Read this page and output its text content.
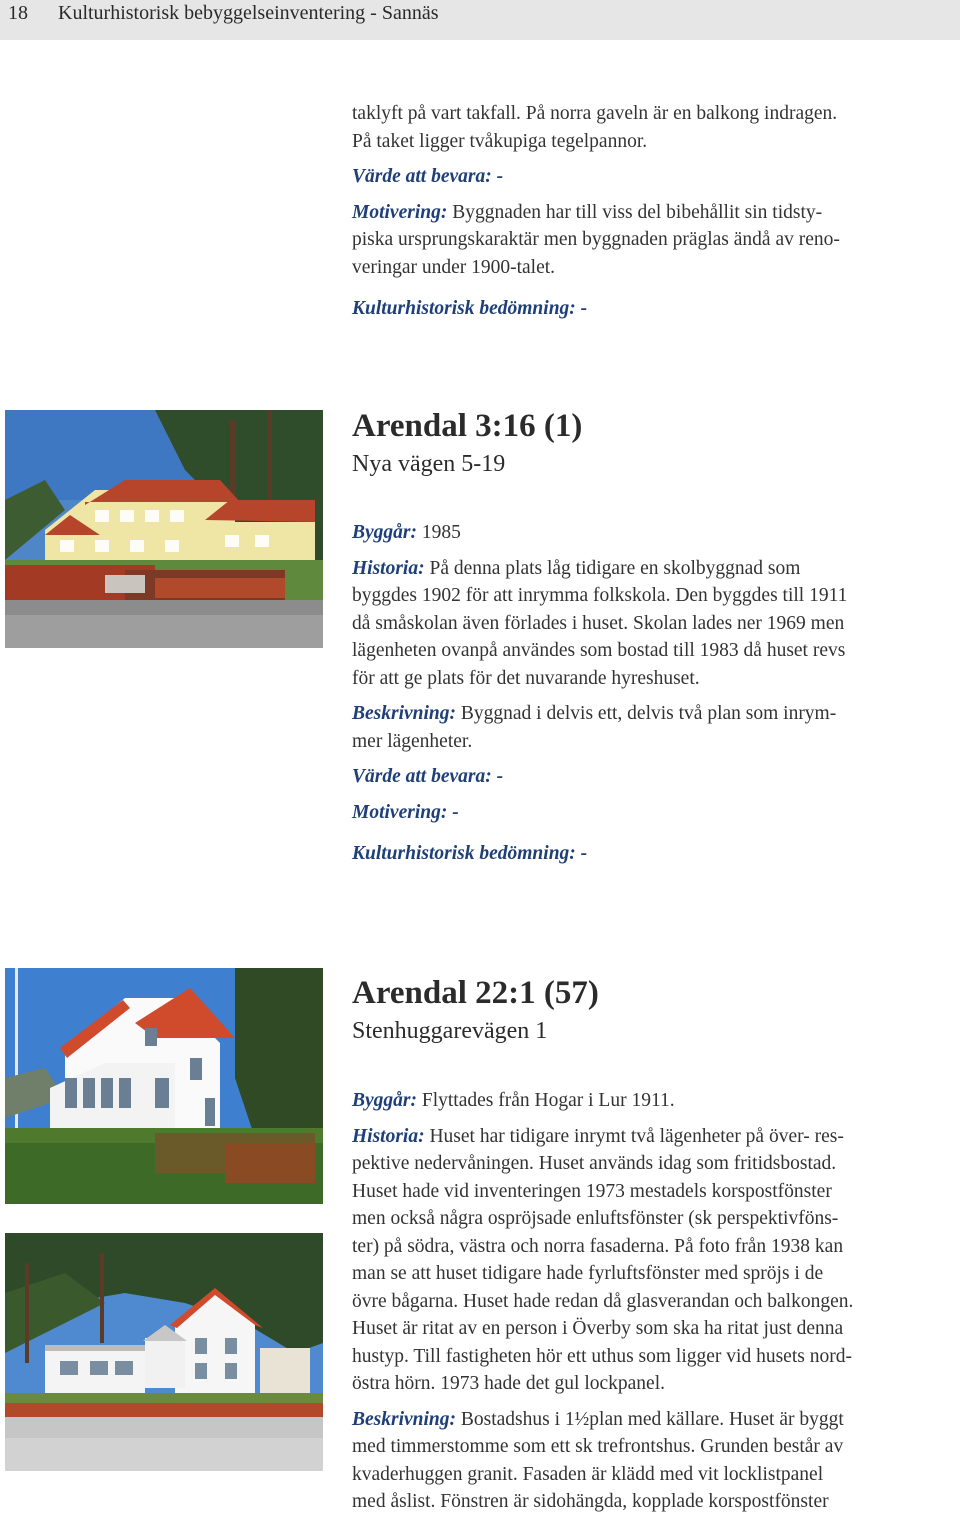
18 Kulturhistorisk bebyggelseinventering - Sannäs

taklyft på vart takfall. På norra gaveln är en balkong indragen.

På taket ligger tvåkupiga tegelpannor.

Värde att bevara: -

Motivering: Byggnaden har till viss del bibehållit sin tidsty-

piska ursprungskaraktär men byggnaden präglas ändå av reno-

veringar under 1900-talet.

Kulturhistorisk bedömning: -

Arendal 3:16 (1)
Nya vägen 5-19

Byggår: 1985

Historia: På denna plats låg tidigare en skolbyggnad som

byggdes 1902 för att inrymma folkskola. Den byggdes till 1911

då småskolan även förlades i huset. Skolan lades ner 1969 men

lägenheten ovanpå användes som bostad till 1983 då huset revs

för att ge plats för det nuvarande hyreshuset.

Beskrivning: Byggnad i delvis ett, delvis två plan som inrym-

mer lägenheter.

Värde att bevara: -

Motivering: -

Kulturhistorisk bedömning: -

Arendal 22:1 (57)
Stenhuggarevägen 1

Byggår: Flyttades från Hogar i Lur 1911.

Historia: Huset har tidigare inrymt två lägenheter på över- res-

pektive nedervåningen. Huset används idag som fritidsbostad.

Huset hade vid inventeringen 1973 mestadels korspostfönster

men också några ospröjsade enluftsfönster (sk perspektivföns-

ter) på södra, västra och norra fasaderna. På foto från 1938 kan

man se att huset tidigare hade fyrluftsfönster med spröjs i de

övre bågarna. Huset hade redan då glasverandan och balkongen.

Huset är ritat av en person i Överby som ska ha ritat just denna

hustyp. Till fastigheten hör ett uthus som ligger vid husets nord-

östra hörn. 1973 hade det gul lockpanel.

Beskrivning: Bostadshus i 1½plan med källare. Huset är byggt

med timmerstomme som ett sk trefrontshus. Grunden består av

kvaderhuggen granit. Fasaden är klädd med vit locklistpanel

med åslist. Fönstren är sidohängda, kopplade korspostfönster
